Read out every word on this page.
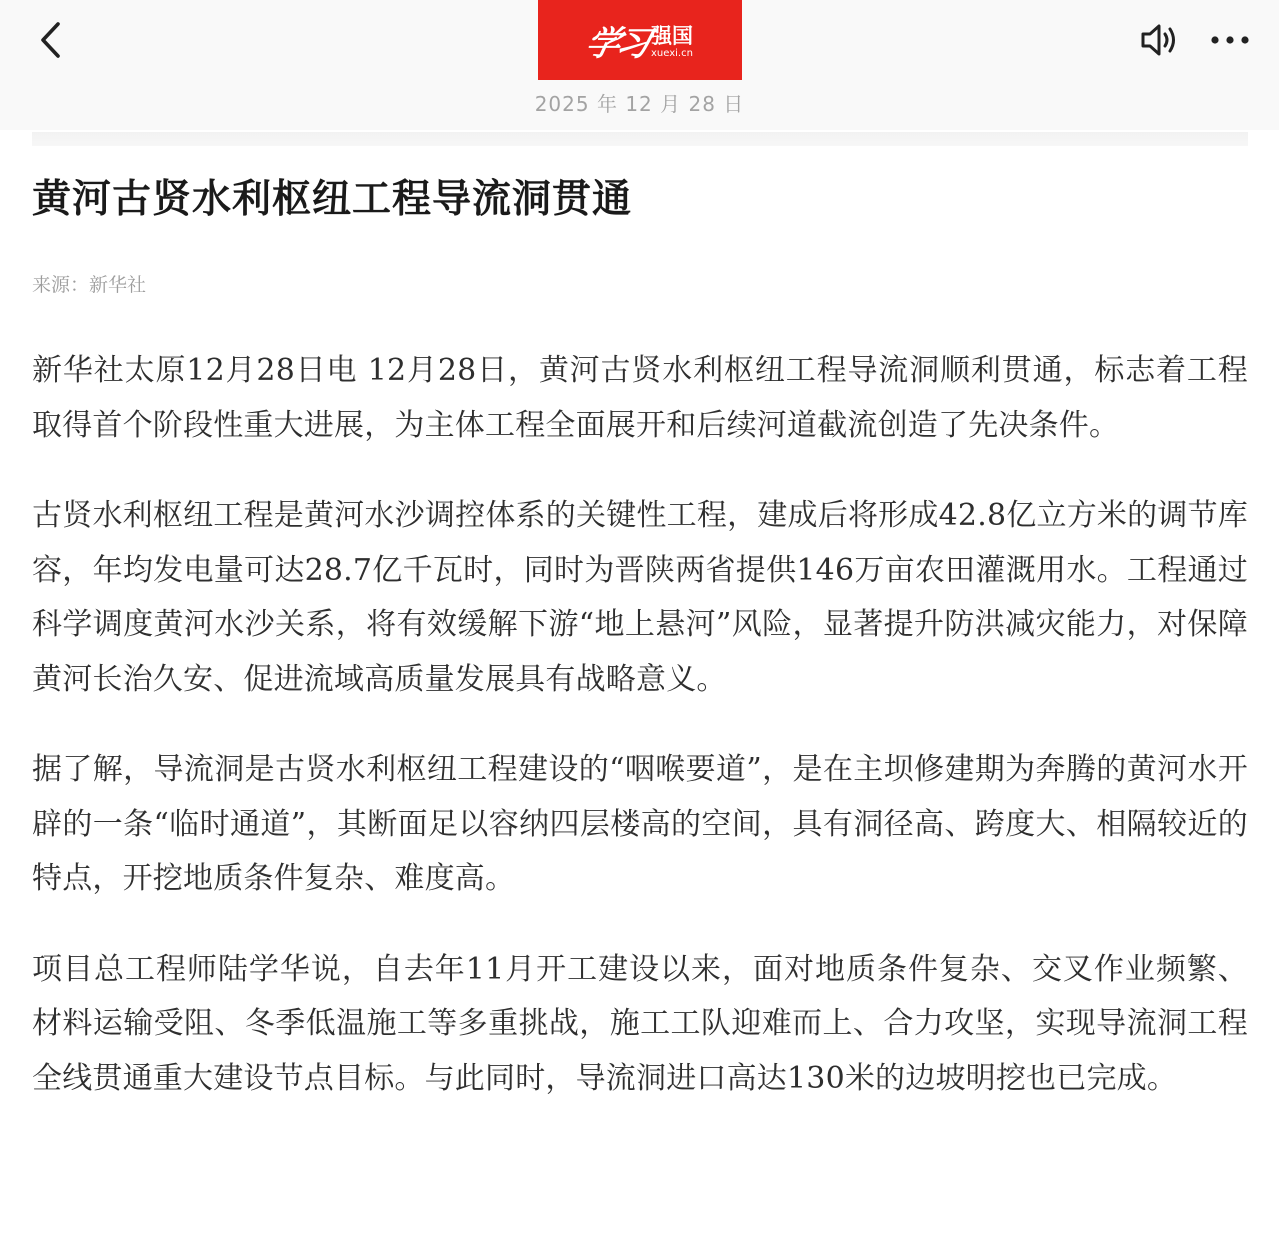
学习 强国
xuexi.cn
2025 年 12 月 28 日
黄河古贤水利枢纽工程导流洞贯通
来源：新华社

新华社太原12月28日电 12月28日，黄河古贤水利枢纽工程导流洞顺利贯通，标志着工程取得首个阶段性重大进展，为主体工程全面展开和后续河道截流创造了先决条件。

古贤水利枢纽工程是黄河水沙调控体系的关键性工程，建成后将形成42.8亿立方米的调节库容，年均发电量可达28.7亿千瓦时，同时为晋陕两省提供146万亩农田灌溉用水。工程通过科学调度黄河水沙关系，将有效缓解下游“地上悬河”风险，显著提升防洪减灾能力，对保障黄河长治久安、促进流域高质量发展具有战略意义。

据了解，导流洞是古贤水利枢纽工程建设的“咽喉要道”，是在主坝修建期为奔腾的黄河水开辟的一条“临时通道”，其断面足以容纳四层楼高的空间，具有洞径高、跨度大、相隔较近的特点，开挖地质条件复杂、难度高。

项目总工程师陆学华说，自去年11月开工建设以来，面对地质条件复杂、交叉作业频繁、材料运输受阻、冬季低温施工等多重挑战，施工工队迎难而上、合力攻坚，实现导流洞工程全线贯通重大建设节点目标。与此同时，导流洞进口高达130米的边坡明挖也已完成。
